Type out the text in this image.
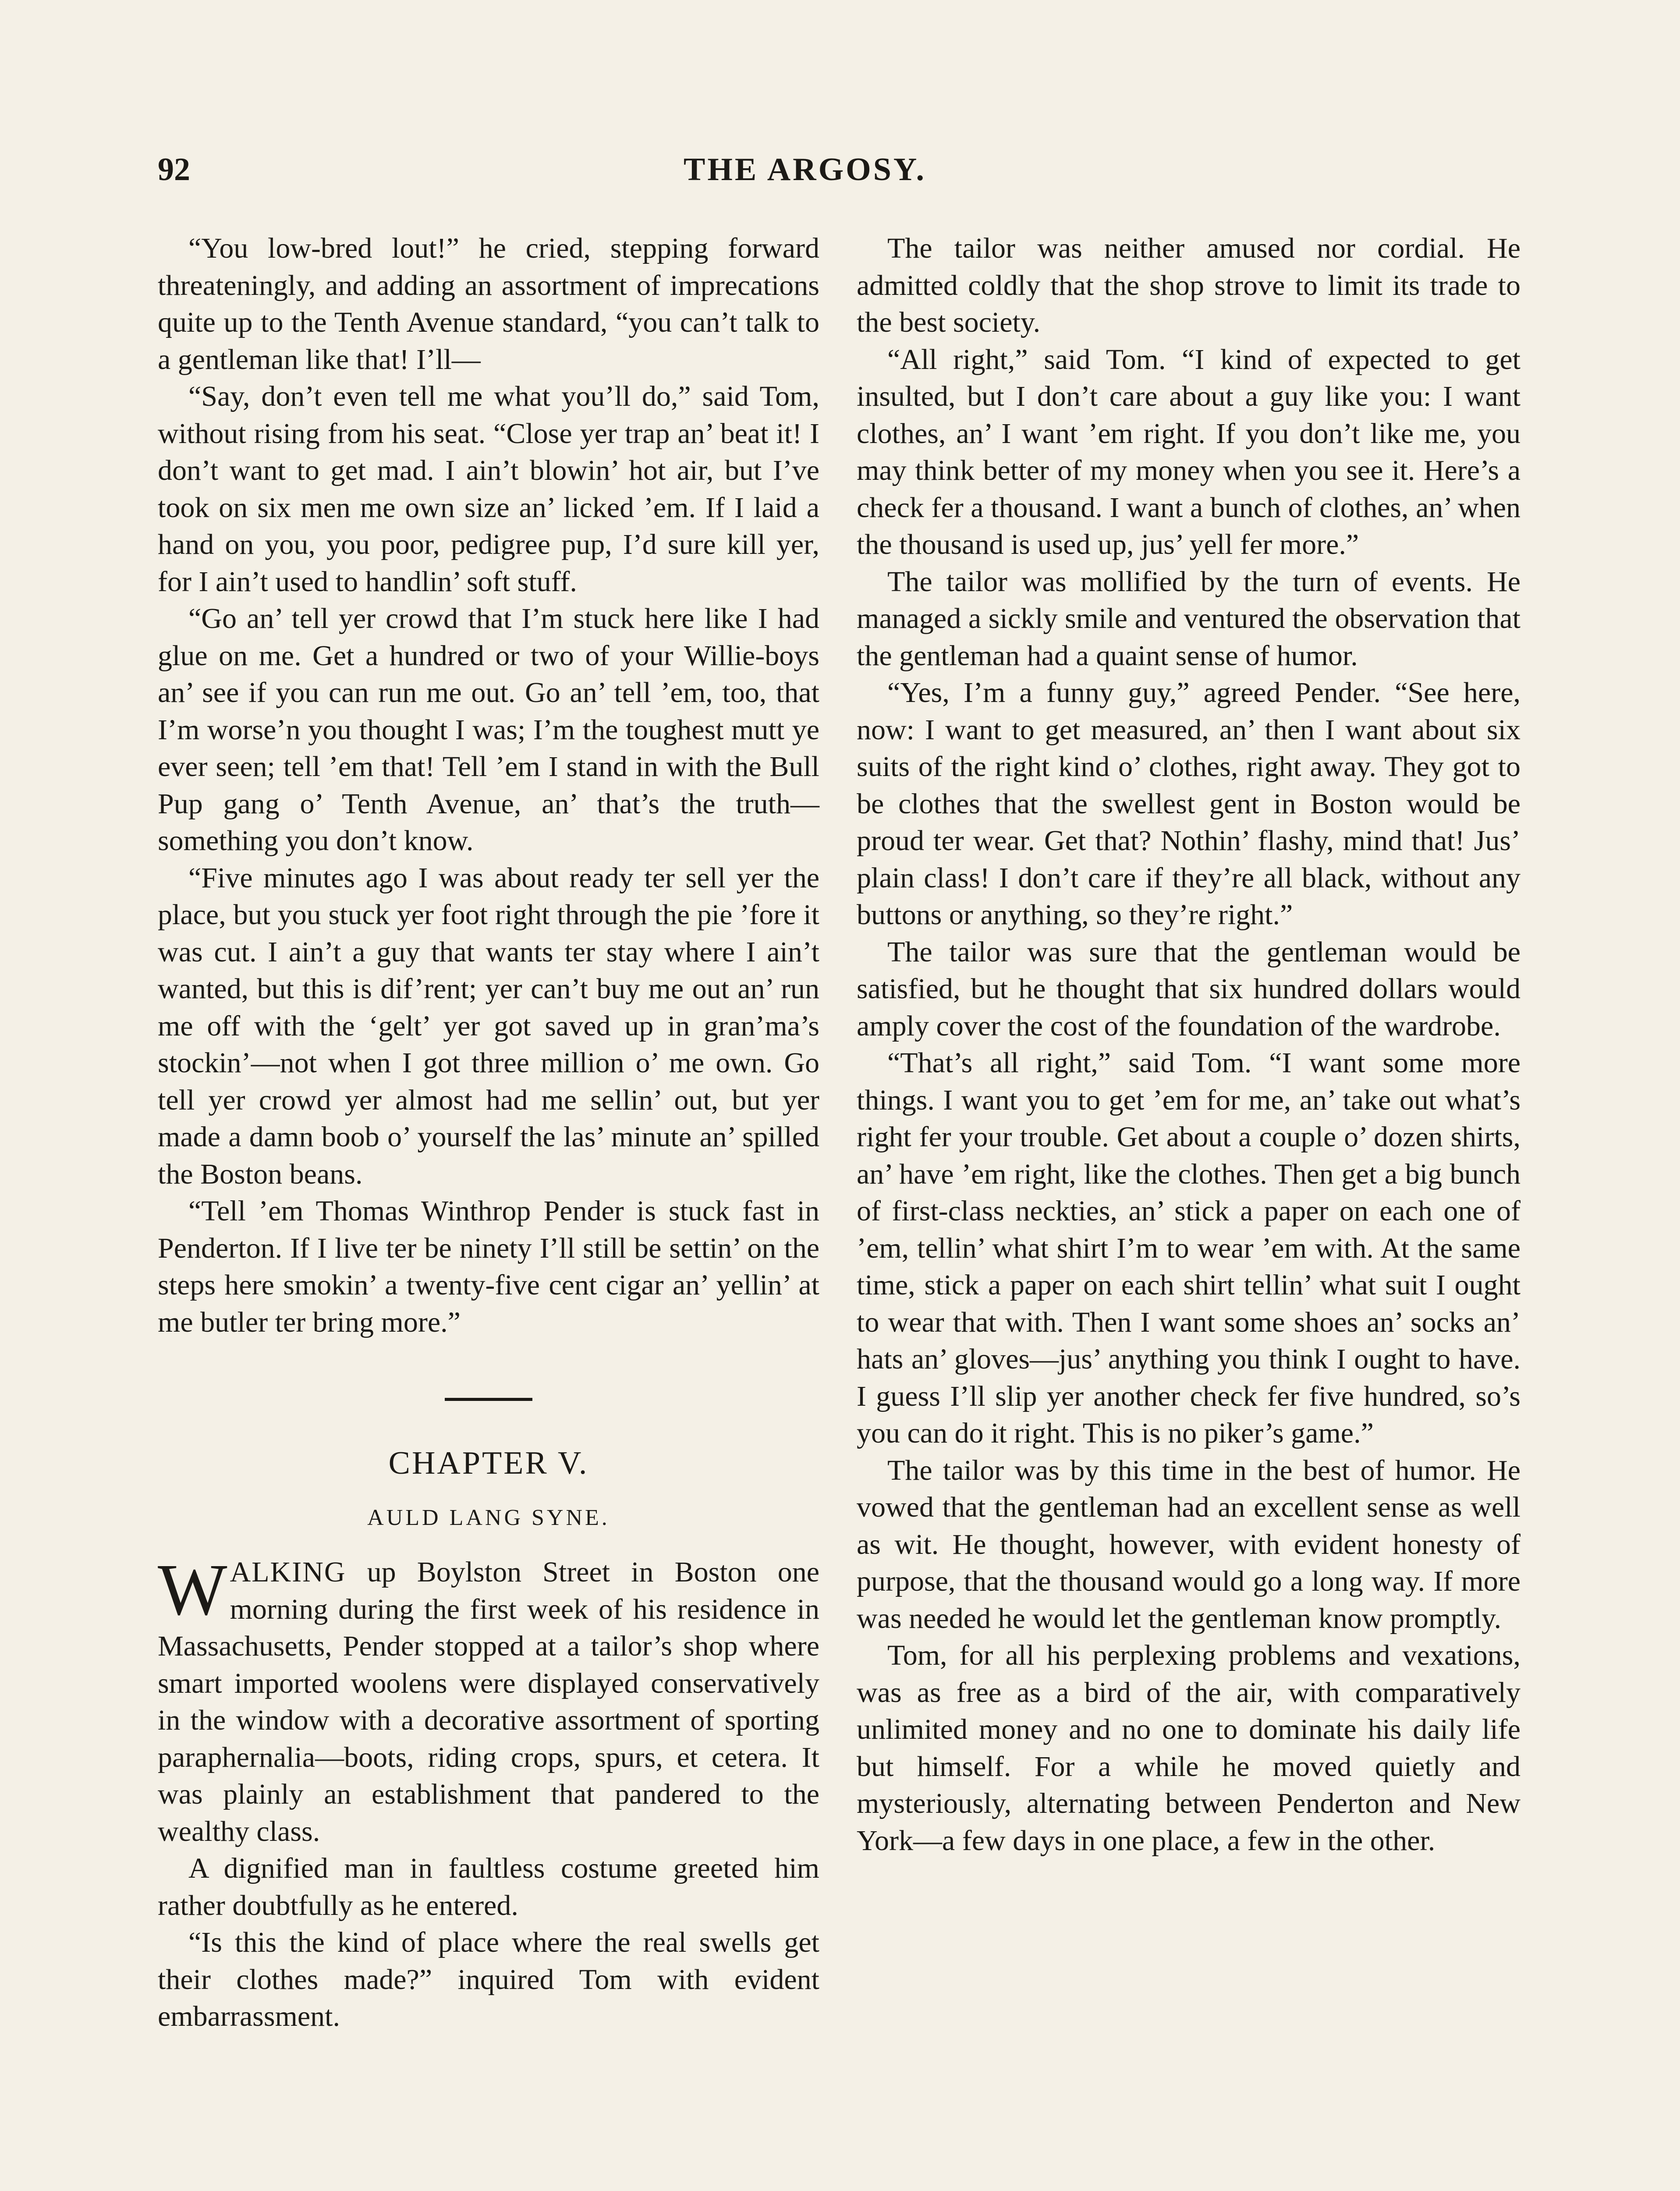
92	THE ARGOSY.

“You low-bred lout!” he cried, stepping forward threateningly, and adding an assortment of imprecations quite up to the Tenth Avenue standard, “you can’t talk to a gentleman like that! I’ll—

“Say, don’t even tell me what you’ll do,” said Tom, without rising from his seat. “Close yer trap an’ beat it! I don’t want to get mad. I ain’t blowin’ hot air, but I’ve took on six men me own size an’ licked ’em. If I laid a hand on you, you poor, pedigree pup, I’d sure kill yer, for I ain’t used to handlin’ soft stuff.

“Go an’ tell yer crowd that I’m stuck here like I had glue on me. Get a hundred or two of your Willie-boys an’ see if you can run me out. Go an’ tell ’em, too, that I’m worse’n you thought I was; I’m the toughest mutt ye ever seen; tell ’em that! Tell ’em I stand in with the Bull Pup gang o’ Tenth Avenue, an’ that’s the truth—something you don’t know.

“Five minutes ago I was about ready ter sell yer the place, but you stuck yer foot right through the pie ’fore it was cut. I ain’t a guy that wants ter stay where I ain’t wanted, but this is dif’rent; yer can’t buy me out an’ run me off with the ‘gelt’ yer got saved up in gran’ma’s stockin’—not when I got three million o’ me own. Go tell yer crowd yer almost had me sellin’ out, but yer made a damn boob o’ yourself the las’ minute an’ spilled the Boston beans.

“Tell ’em Thomas Winthrop Pender is stuck fast in Penderton. If I live ter be ninety I’ll still be settin’ on the steps here smokin’ a twenty-five cent cigar an’ yellin’ at me butler ter bring more.”

CHAPTER V.
AULD LANG SYNE.

WALKING up Boylston Street in Boston one morning during the first week of his residence in Massachusetts, Pender stopped at a tailor’s shop where smart imported woolens were displayed conservatively in the window with a decorative assortment of sporting paraphernalia—boots, riding crops, spurs, et cetera. It was plainly an establishment that pandered to the wealthy class.

A dignified man in faultless costume greeted him rather doubtfully as he entered.

“Is this the kind of place where the real swells get their clothes made?” inquired Tom with evident embarrassment.

The tailor was neither amused nor cordial. He admitted coldly that the shop strove to limit its trade to the best society.

“All right,” said Tom. “I kind of expected to get insulted, but I don’t care about a guy like you: I want clothes, an’ I want ’em right. If you don’t like me, you may think better of my money when you see it. Here’s a check fer a thousand. I want a bunch of clothes, an’ when the thousand is used up, jus’ yell fer more.”

The tailor was mollified by the turn of events. He managed a sickly smile and ventured the observation that the gentleman had a quaint sense of humor.

“Yes, I’m a funny guy,” agreed Pender. “See here, now: I want to get measured, an’ then I want about six suits of the right kind o’ clothes, right away. They got to be clothes that the swellest gent in Boston would be proud ter wear. Get that? Nothin’ flashy, mind that! Jus’ plain class! I don’t care if they’re all black, without any buttons or anything, so they’re right.”

The tailor was sure that the gentleman would be satisfied, but he thought that six hundred dollars would amply cover the cost of the foundation of the wardrobe.

“That’s all right,” said Tom. “I want some more things. I want you to get ’em for me, an’ take out what’s right fer your trouble. Get about a couple o’ dozen shirts, an’ have ’em right, like the clothes. Then get a big bunch of first-class neckties, an’ stick a paper on each one of ’em, tellin’ what shirt I’m to wear ’em with. At the same time, stick a paper on each shirt tellin’ what suit I ought to wear that with. Then I want some shoes an’ socks an’ hats an’ gloves—jus’ anything you think I ought to have. I guess I’ll slip yer another check fer five hundred, so’s you can do it right. This is no piker’s game.”

The tailor was by this time in the best of humor. He vowed that the gentleman had an excellent sense as well as wit. He thought, however, with evident honesty of purpose, that the thousand would go a long way. If more was needed he would let the gentleman know promptly.

Tom, for all his perplexing problems and vexations, was as free as a bird of the air, with comparatively unlimited money and no one to dominate his daily life but himself. For a while he moved quietly and mysteriously, alternating between Penderton and New York—a few days in one place, a few in the other.
